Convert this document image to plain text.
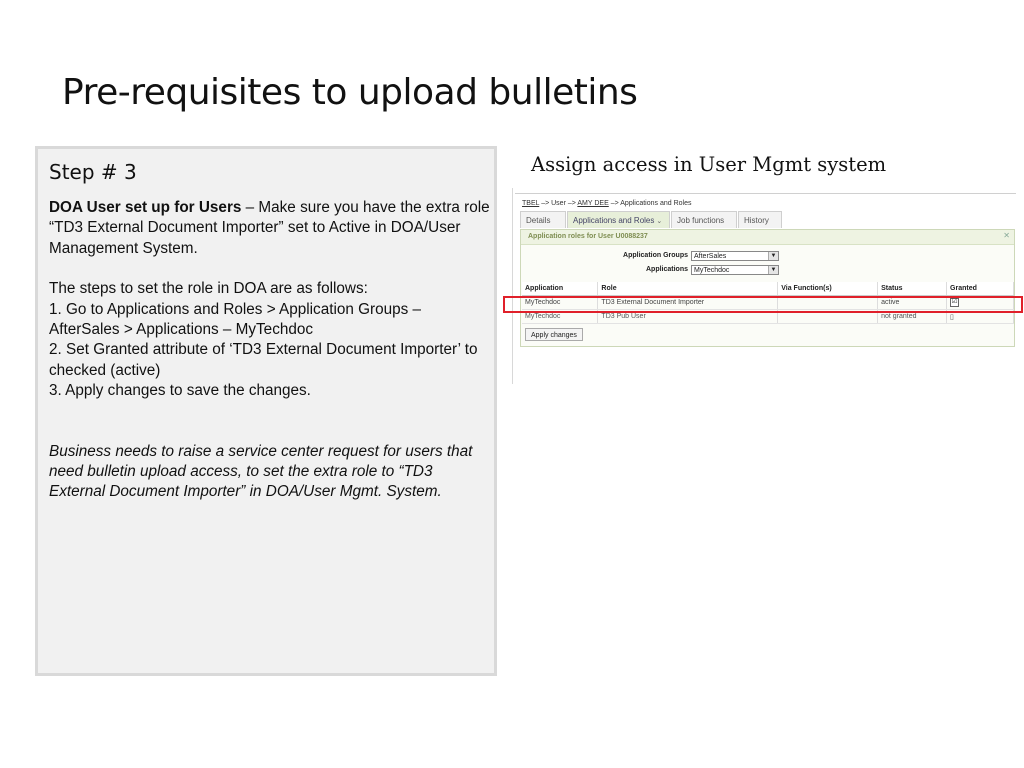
Pre-requisites to upload bulletins
Step # 3

DOA User set up for Users – Make sure you have the extra role “TD3 External Document Importer” set to Active in DOA/User Management System.

The steps to set the role in DOA are as follows:

1. Go to Applications and Roles > Application Groups – AfterSales > Applications – MyTechdoc

2. Set Granted attribute of ‘TD3 External Document Importer’ to checked (active)

3. Apply changes to save the changes.

Business needs to raise a service center request for users that need bulletin upload access, to set the extra role to “TD3 External Document Importer” in DOA/User Mgmt. System.

Assign access in User Mgmt system
TBEL –> User –> AMY DEE –> Applications and Roles
Details	Applications and Roles ⌄	Job functions	History
Application roles for User U0088237	✕
Application Groups AfterSales	▼
Applications MyTechdoc	▼
Application	Role	Via Function(s)	Status	Granted
MyTechdoc	TD3 External Document Importer		active	☑
MyTechdoc	TD3 Pub User		not granted	▯
Apply changes
